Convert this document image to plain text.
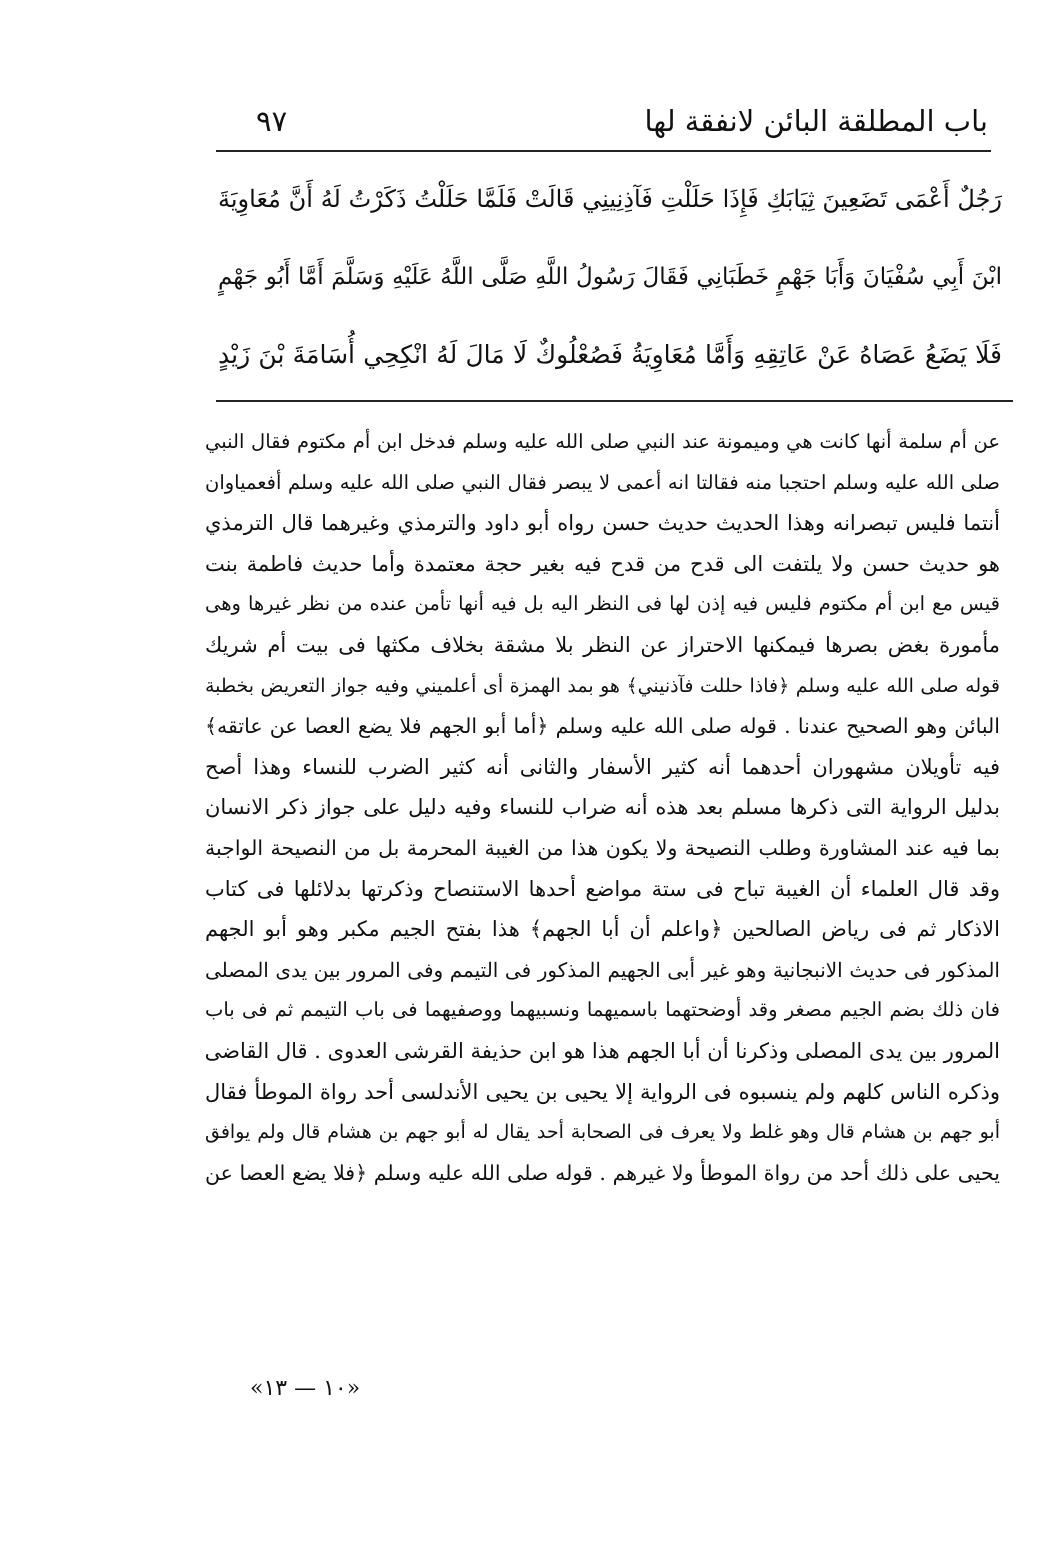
باب المطلقة البائن لانفقة لها
٩٧
رَجُلٌ أَعْمَى تَضَعِينَ ثِيَابَكِ فَإِذَا حَلَلْتِ فَآذِنِينِي قَالَتْ فَلَمَّا حَلَلْتُ ذَكَرْتُ لَهُ أَنَّ مُعَاوِيَةَ
ابْنَ أَبِي سُفْيَانَ وَأَبَا جَهْمٍ خَطَبَانِي فَقَالَ رَسُولُ اللَّهِ صَلَّى اللَّهُ عَلَيْهِ وَسَلَّمَ أَمَّا أَبُو جَهْمٍ
فَلَا يَضَعُ عَصَاهُ عَنْ عَاتِقِهِ وَأَمَّا مُعَاوِيَةُ فَصُعْلُوكٌ لَا مَالَ لَهُ انْكِحِي أُسَامَةَ بْنَ زَيْدٍ
عن أم سلمة أنها كانت هي وميمونة عند النبي صلى الله عليه وسلم فدخل ابن أم مكتوم فقال النبي
صلى الله عليه وسلم احتجبا منه فقالتا انه أعمى لا يبصر فقال النبي صلى الله عليه وسلم أفعمياوان
أنتما فليس تبصرانه وهذا الحديث حديث حسن رواه أبو داود والترمذي وغيرهما قال الترمذي
هو حديث حسن ولا يلتفت الى قدح من قدح فيه بغير حجة معتمدة وأما حديث فاطمة بنت
قيس مع ابن أم مكتوم فليس فيه إذن لها فى النظر اليه بل فيه أنها تأمن عنده من نظر غيرها وهى
مأمورة بغض بصرها فيمكنها الاحتراز عن النظر بلا مشقة بخلاف مكثها فى بيت أم شريك
قوله صلى الله عليه وسلم ﴿فاذا حللت فآذنيني﴾ هو بمد الهمزة أى أعلميني وفيه جواز التعريض بخطبة
البائن وهو الصحيح عندنا . قوله صلى الله عليه وسلم ﴿أما أبو الجهم فلا يضع العصا عن عاتقه﴾
فيه تأويلان مشهوران أحدهما أنه كثير الأسفار والثانى أنه كثير الضرب للنساء وهذا أصح
بدليل الرواية التى ذكرها مسلم بعد هذه أنه ضراب للنساء وفيه دليل على جواز ذكر الانسان
بما فيه عند المشاورة وطلب النصيحة ولا يكون هذا من الغيبة المحرمة بل من النصيحة الواجبة
وقد قال العلماء أن الغيبة تباح فى ستة مواضع أحدها الاستنصاح وذكرتها بدلائلها فى كتاب
الاذكار ثم فى رياض الصالحين ﴿واعلم أن أبا الجهم﴾ هذا بفتح الجيم مكبر وهو أبو الجهم
المذكور فى حديث الانبجانية وهو غير أبى الجهيم المذكور فى التيمم وفى المرور بين يدى المصلى
فان ذلك بضم الجيم مصغر وقد أوضحتهما باسميهما ونسبيهما ووصفيهما فى باب التيمم ثم فى باب
المرور بين يدى المصلى وذكرنا أن أبا الجهم هذا هو ابن حذيفة القرشى العدوى . قال القاضى
وذكره الناس كلهم ولم ينسبوه فى الرواية إلا يحيى بن يحيى الأندلسى أحد رواة الموطأ فقال
أبو جهم بن هشام قال وهو غلط ولا يعرف فى الصحابة أحد يقال له أبو جهم بن هشام قال ولم يوافق
يحيى على ذلك أحد من رواة الموطأ ولا غيرهم . قوله صلى الله عليه وسلم ﴿فلا يضع العصا عن
«١٠ — ١٣»
